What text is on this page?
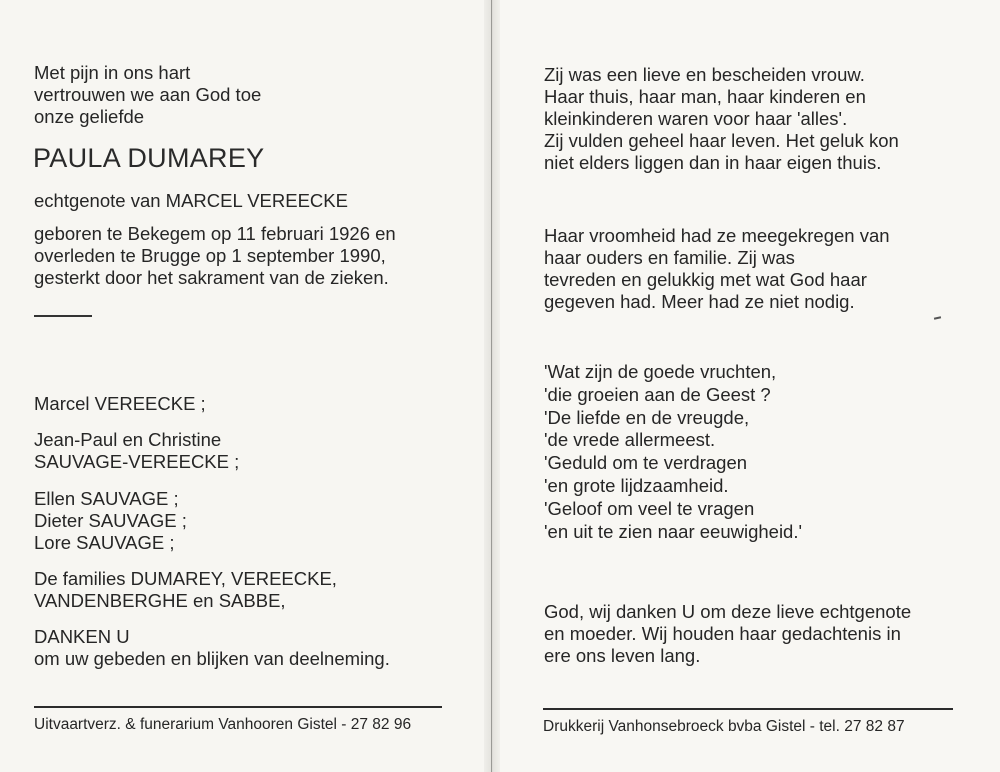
Met pijn in ons hart
vertrouwen we aan God toe
onze geliefde
PAULA DUMAREY
echtgenote van MARCEL VEREECKE
geboren te Bekegem op 11 februari 1926 en
overleden te Brugge op 1 september 1990,
gesterkt door het sakrament van de zieken.
Marcel VEREECKE ;
Jean-Paul en Christine
SAUVAGE-VEREECKE ;
Ellen SAUVAGE ;
Dieter SAUVAGE ;
Lore SAUVAGE ;
De families DUMAREY, VEREECKE,
VANDENBERGHE en SABBE,
DANKEN U
om uw gebeden en blijken van deelneming.
Uitvaartverz. & funerarium Vanhooren Gistel - 27 82 96
Zij was een lieve en bescheiden vrouw.
Haar thuis, haar man, haar kinderen en
kleinkinderen waren voor haar 'alles'.
Zij vulden geheel haar leven. Het geluk kon
niet elders liggen dan in haar eigen thuis.
Haar vroomheid had ze meegekregen van
haar ouders en familie. Zij was
tevreden en gelukkig met wat God haar
gegeven had. Meer had ze niet nodig.
'Wat zijn de goede vruchten,
'die groeien aan de Geest ?
'De liefde en de vreugde,
'de vrede allermeest.
'Geduld om te verdragen
'en grote lijdzaamheid.
'Geloof om veel te vragen
'en uit te zien naar eeuwigheid.'
God, wij danken U om deze lieve echtgenote
en moeder. Wij houden haar gedachtenis in
ere ons leven lang.
Drukkerij Vanhonsebroeck bvba Gistel - tel. 27 82 87
